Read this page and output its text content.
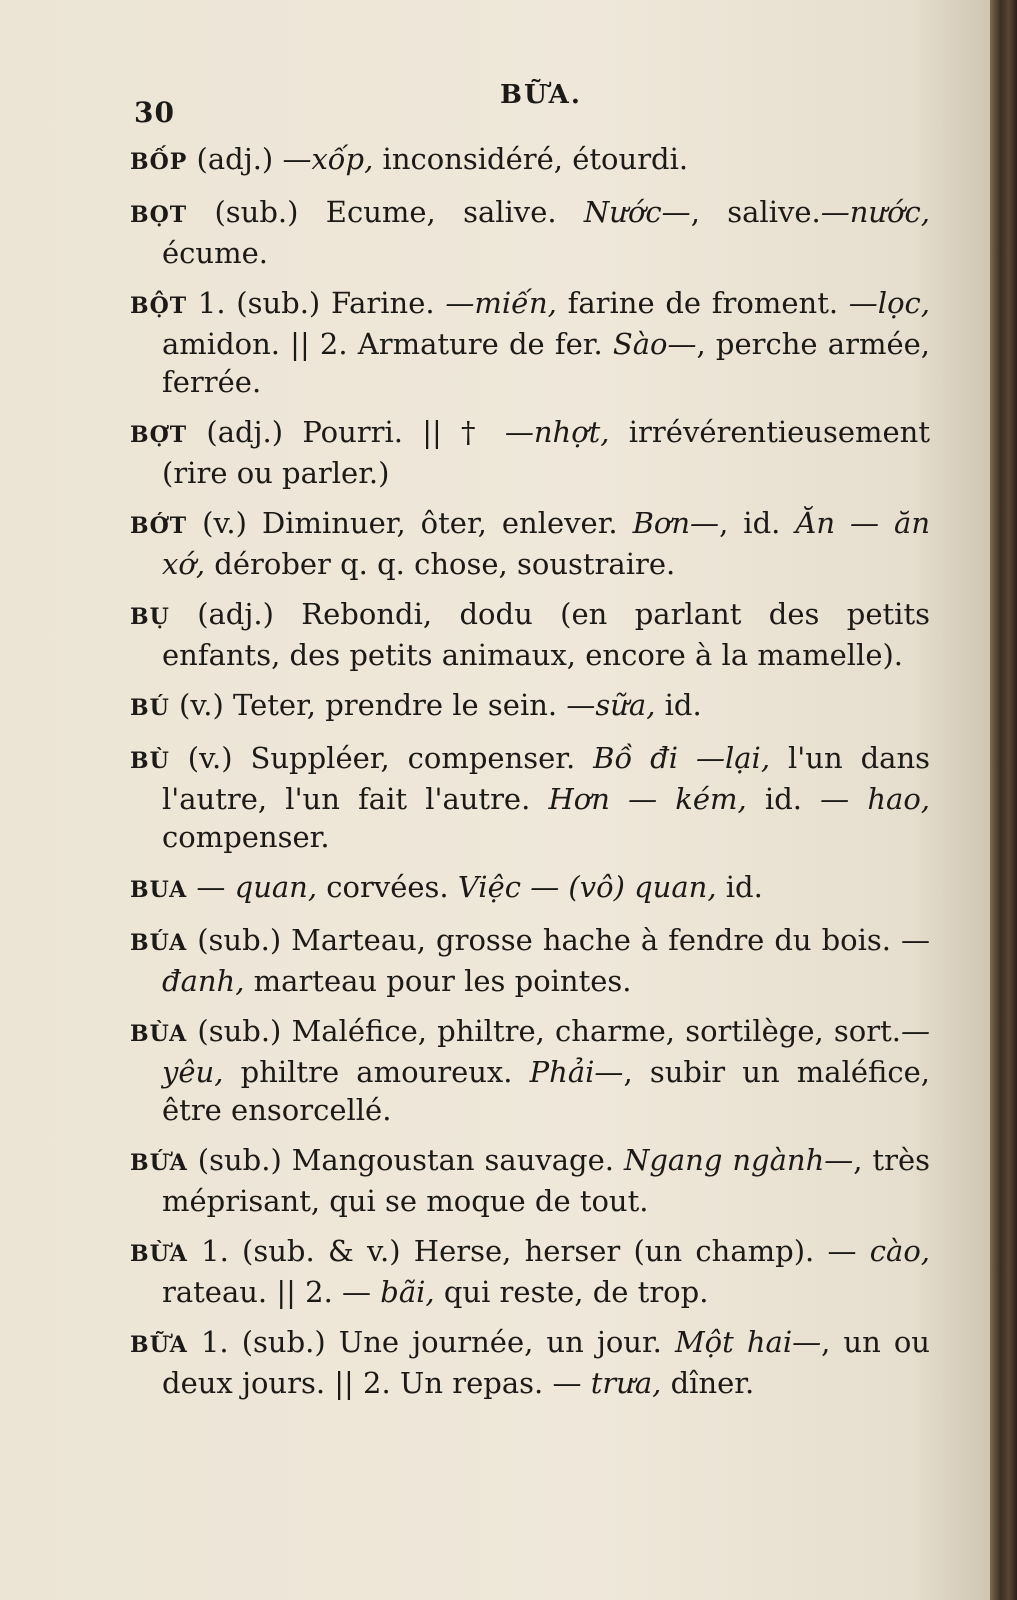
30
BỮA.

BỐP (adj.) —xốp, inconsidéré, étourdi.

BỌT (sub.) Ecume, salive. Nước—, salive.—nước, écume.

BỘT 1. (sub.) Farine. —miến, farine de froment. —lọc, amidon. || 2. Armature de fer. Sào—, perche armée, ferrée.

BỢT (adj.) Pourri. || † —nhợt, irrévérentieusement (rire ou parler.)

BỚT (v.) Diminuer, ôter, enlever. Bơn—, id. Ăn — ăn xớ, dérober q. q. chose, soustraire.

BỤ (adj.) Rebondi, dodu (en parlant des petits enfants, des petits animaux, encore à la mamelle).

BÚ (v.) Teter, prendre le sein. —sữa, id.

BÙ (v.) Suppléer, compenser. Bồ đi —lại, l'un dans l'autre, l'un fait l'autre. Hơn — kém, id. — hao, compenser.

BUA — quan, corvées. Việc — (vô) quan, id.

BÚA (sub.) Marteau, grosse hache à fendre du bois. — đanh, marteau pour les pointes.

BÙA (sub.) Maléfice, philtre, charme, sortilège, sort.—yêu, philtre amoureux. Phải—, subir un maléfice, être ensorcellé.

BỨA (sub.) Mangoustan sauvage. Ngang ngành—, très méprisant, qui se moque de tout.

BỪA 1. (sub. & v.) Herse, herser (un champ). — cào, rateau. || 2. — bãi, qui reste, de trop.

BỮA 1. (sub.) Une journée, un jour. Một hai—, un ou deux jours. || 2. Un repas. — trưa, dîner.
